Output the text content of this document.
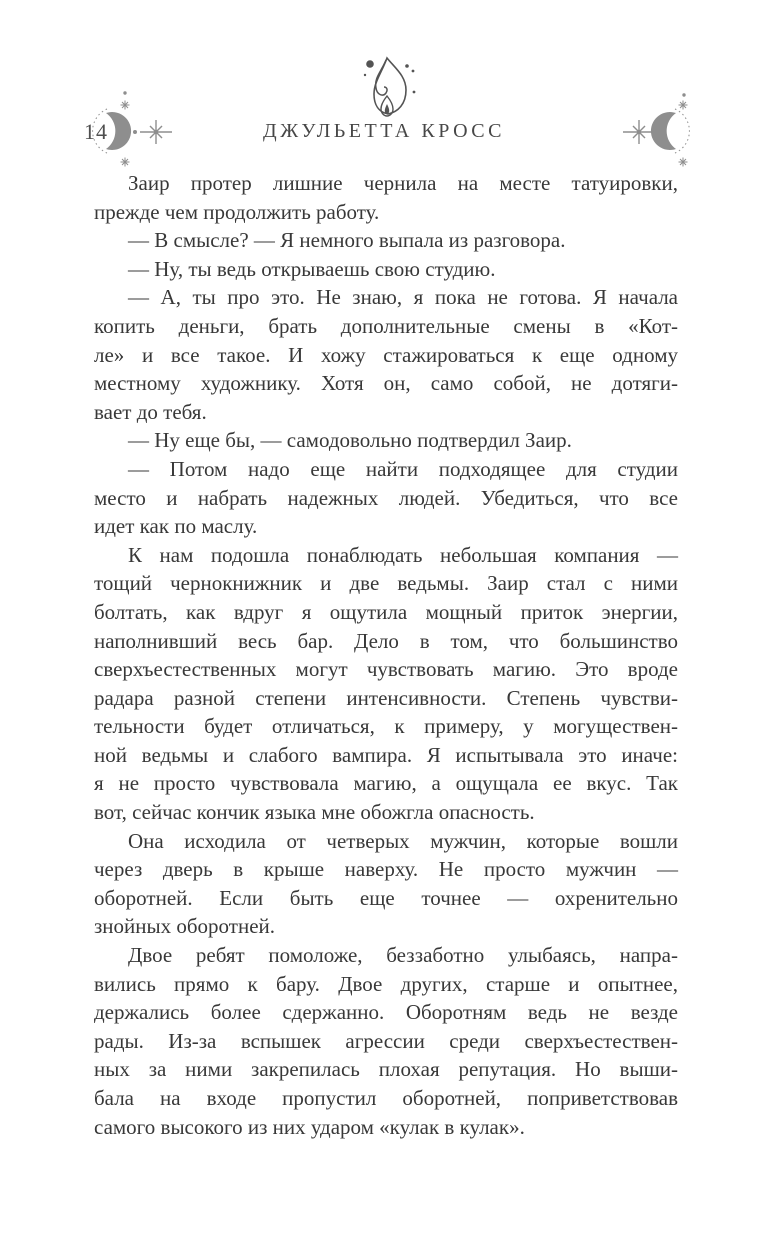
14	ДЖУЛЬЕТТА КРОСС
Заир протер лишние чернила на месте татуировки,
прежде чем продолжить работу.
— В смысле? — Я немного выпала из разговора.
— Ну, ты ведь открываешь свою студию.
— А, ты про это. Не знаю, я пока не готова. Я начала
копить деньги, брать дополнительные смены в «Кот-
ле» и все такое. И хожу стажироваться к еще одному
местному художнику. Хотя он, само собой, не дотяги-
вает до тебя.
— Ну еще бы, — самодовольно подтвердил Заир.
— Потом надо еще найти подходящее для студии
место и набрать надежных людей. Убедиться, что все
идет как по маслу.
К нам подошла понаблюдать небольшая компания —
тощий чернокнижник и две ведьмы. Заир стал с ними
болтать, как вдруг я ощутила мощный приток энергии,
наполнивший весь бар. Дело в том, что большинство
сверхъестественных могут чувствовать магию. Это вроде
радара разной степени интенсивности. Степень чувстви-
тельности будет отличаться, к примеру, у могуществен-
ной ведьмы и слабого вампира. Я испытывала это иначе:
я не просто чувствовала магию, а ощущала ее вкус. Так
вот, сейчас кончик языка мне обожгла опасность.
Она исходила от четверых мужчин, которые вошли
через дверь в крыше наверху. Не просто мужчин —
оборотней. Если быть еще точнее — охренительно
знойных оборотней.
Двое ребят помоложе, беззаботно улыбаясь, напра-
вились прямо к бару. Двое других, старше и опытнее,
держались более сдержанно. Оборотням ведь не везде
рады. Из-за вспышек агрессии среди сверхъестествен-
ных за ними закрепилась плохая репутация. Но выши-
бала на входе пропустил оборотней, поприветствовав
самого высокого из них ударом «кулак в кулак».
